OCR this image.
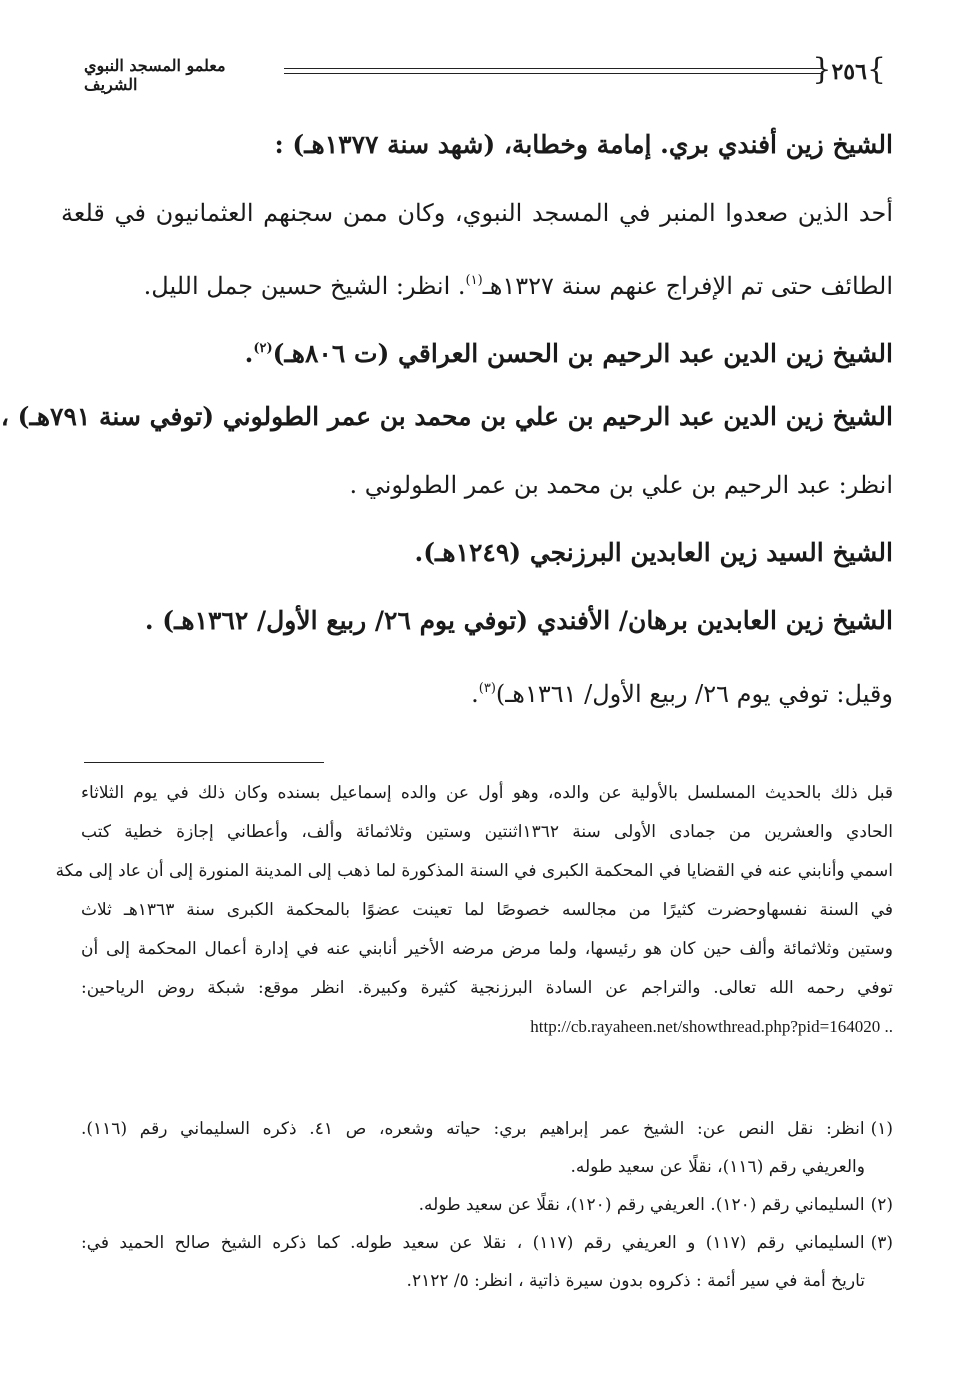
}٢٥٦{
معلمو المسجد النبوي الشريف
الشيخ زين أفندي بري. إمامة وخطابة، (شهد سنة ١٣٧٧هـ) :
أحد الذين صعدوا المنبر في المسجد النبوي، وكان ممن سجنهم العثمانيون في قلعة
الطائف حتى تم الإفراج عنهم سنة ١٣٢٧هـ$^{(١)}$. انظر: الشيخ حسين جمل الليل.
الشيخ زين الدين عبد الرحيم بن الحسن العراقي (ت ٨٠٦هـ)$^{(٢)}$.
الشيخ زين الدين عبد الرحيم بن علي بن محمد بن عمر الطولوني (توفي سنة ٧٩١هـ) ،
انظر: عبد الرحيم بن علي بن محمد بن عمر الطولوني .
الشيخ السيد زين العابدين البرزنجي (١٢٤٩هـ).
الشيخ زين العابدين برهان/ الأفندي (توفي يوم ٢٦/ ربيع الأول/ ١٣٦٢هـ) .
وقيل: توفي يوم ٢٦/ ربيع الأول/ ١٣٦١هـ)$^{(٣)}$.
قبل ذلك بالحديث المسلسل بالأولية عن والده، وهو أول عن والده إسماعيل بسنده وكان ذلك في يوم الثلاثاء
الحادي والعشرين من جمادى الأولى سنة ١٣٦٢اثنتين وستين وثلاثمائة وألف، وأعطاني إجازة خطية كتب
اسمي وأنابني عنه في القضايا في المحكمة الكبرى في السنة المذكورة لما ذهب إلى المدينة المنورة إلى أن عاد إلى مكة
في السنة نفسهاوحضرت كثيرًا من مجالسه خصوصًا لما تعينت عضوًا بالمحكمة الكبرى سنة ١٣٦٣هـ ثلاث
وستين وثلاثمائة وألف حين كان هو رئيسها، ولما مرض مرضه الأخير أنابني عنه في إدارة أعمال المحكمة إلى أن
توفي رحمه الله تعالى. والتراجم عن السادة البرزنجية كثيرة وكبيرة. انظر موقع: شبكة روض الرياحين:
http://cb.rayaheen.net/showthread.php?pid=164020 ..
(١)انظر: نقل النص عن: الشيخ عمر إبراهيم بري: حياته وشعره، ص ٤١. ذكره السليماني رقم (١١٦).
والعريفي رقم (١١٦)، نقلًا عن سعيد طوله.
(٢)السليماني رقم (١٢٠). العريفي رقم (١٢٠)، نقلًا عن سعيد طوله.
(٣)السليماني رقم (١١٧) و العريفي رقم (١١٧) ، نقلا عن سعيد طوله. كما ذكره الشيخ صالح الحميد في:
تاريخ أمة في سير أئمة : ذكروه بدون سيرة ذاتية ، انظر: ٥/ ٢١٢٢.
